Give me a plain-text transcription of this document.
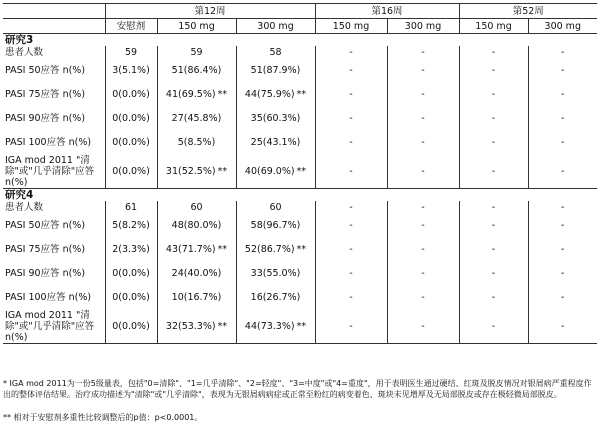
	第12周			第16周		第52周	
	安慰剂	150 mg	300 mg	150 mg	300 mg	150 mg	300 mg
研究3							
患者人数	59	59	58	-	-	-	-
PASI 50应答 n(%)	3(5.1%)	51(86.4%)	51(87.9%)	-	-	-	-
PASI 75应答 n(%)	0(0.0%)	41(69.5%) **	44(75.9%) **	-	-	-	-
PASI 90应答 n(%)	0(0.0%)	27(45.8%)	35(60.3%)	-	-	-	-
PASI 100应答 n(%)	0(0.0%)	5(8.5%)	25(43.1%)	-	-	-	-
IGA mod 2011 "清除"或"几乎清除"应答 n(%)	0(0.0%)	31(52.5%) **	40(69.0%) **	-	-	-	-
研究4							
患者人数	61	60	60	-	-	-	-
PASI 50应答 n(%)	5(8.2%)	48(80.0%)	58(96.7%)	-	-	-	-
PASI 75应答 n(%)	2(3.3%)	43(71.7%) **	52(86.7%) **	-	-	-	-
PASI 90应答 n(%)	0(0.0%)	24(40.0%)	33(55.0%)	-	-	-	-
PASI 100应答 n(%)	0(0.0%)	10(16.7%)	16(26.7%)	-	-	-	-
IGA mod 2011 "清除"或"几乎清除"应答 n(%)	0(0.0%)	32(53.3%) **	44(73.3%) **	-	-	-	-
* IGA mod 2011为一份5级量表，包括"0=清除"、"1=几乎清除"、"2=轻度"、"3=中度"或"4=重度"，用于表明医生通过硬结、红斑及脱皮情况对银屑病严重程度作出的整体评估结果。治疗成功描述为"清除"或"几乎清除"，表现为无银屑病病症或正常至粉红的病变着色、斑块未见增厚及无局部脱皮或存在极轻微局部脱皮。
** 相对于安慰剂多重性比较调整后的p值：p<0.0001。
